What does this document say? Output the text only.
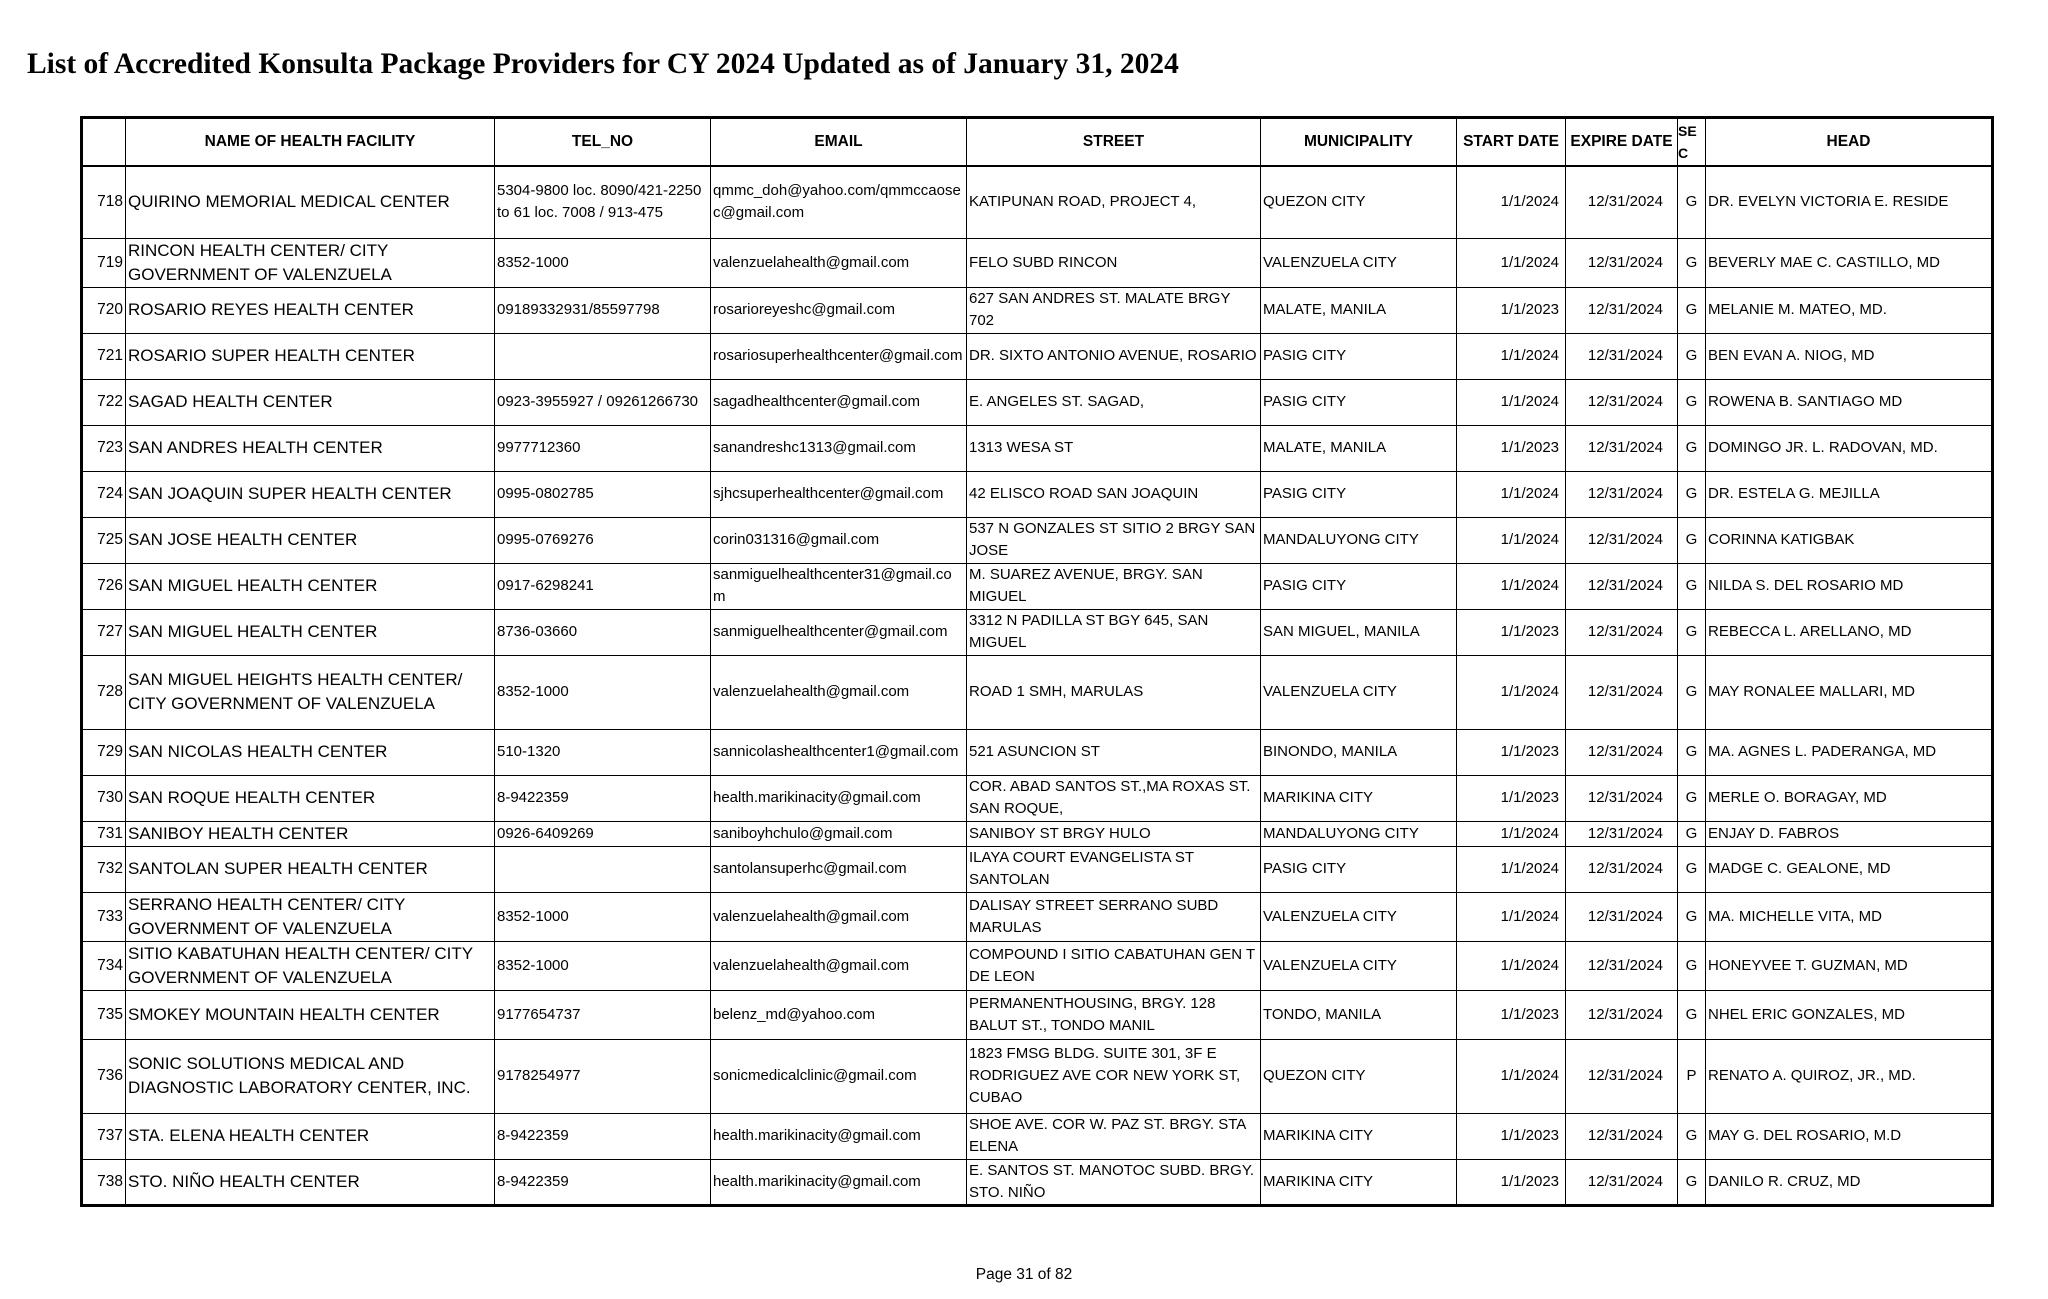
List of Accredited Konsulta Package Providers for CY 2024 Updated as of January 31, 2024
	NAME OF HEALTH FACILITY	TEL_NO	EMAIL	STREET	MUNICIPALITY	START DATE	EXPIRE DATE	SEC	HEAD
718	QUIRINO MEMORIAL MEDICAL CENTER	5304-9800 loc. 8090/421-2250 to 61 loc. 7008 / 913-475	qmmc_doh@yahoo.com/qmmccaosec@gmail.com	KATIPUNAN ROAD, PROJECT 4,	QUEZON CITY	1/1/2024	12/31/2024	G	DR. EVELYN VICTORIA E. RESIDE
719	RINCON HEALTH CENTER/ CITY GOVERNMENT OF VALENZUELA	8352-1000	valenzuelahealth@gmail.com	FELO SUBD RINCON	VALENZUELA CITY	1/1/2024	12/31/2024	G	BEVERLY MAE C. CASTILLO, MD
720	ROSARIO REYES HEALTH CENTER	09189332931/85597798	rosarioreyeshc@gmail.com	627 SAN ANDRES ST. MALATE BRGY 702	MALATE, MANILA	1/1/2023	12/31/2024	G	MELANIE M. MATEO, MD.
721	ROSARIO SUPER HEALTH CENTER		rosariosuperhealthcenter@gmail.com	DR. SIXTO ANTONIO AVENUE, ROSARIO	PASIG CITY	1/1/2024	12/31/2024	G	BEN EVAN A. NIOG, MD
722	SAGAD HEALTH CENTER	0923-3955927 / 09261266730	sagadhealthcenter@gmail.com	E. ANGELES ST. SAGAD,	PASIG CITY	1/1/2024	12/31/2024	G	ROWENA B. SANTIAGO MD
723	SAN ANDRES HEALTH CENTER	9977712360	sanandreshc1313@gmail.com	1313 WESA ST	MALATE, MANILA	1/1/2023	12/31/2024	G	DOMINGO JR. L. RADOVAN, MD.
724	SAN JOAQUIN SUPER HEALTH CENTER	0995-0802785	sjhcsuperhealthcenter@gmail.com	42 ELISCO ROAD SAN JOAQUIN	PASIG CITY	1/1/2024	12/31/2024	G	DR. ESTELA G. MEJILLA
725	SAN JOSE HEALTH CENTER	0995-0769276	corin031316@gmail.com	537 N GONZALES ST SITIO 2 BRGY SAN JOSE	MANDALUYONG CITY	1/1/2024	12/31/2024	G	CORINNA KATIGBAK
726	SAN MIGUEL HEALTH CENTER	0917-6298241	sanmiguelhealthcenter31@gmail.com	M. SUAREZ AVENUE, BRGY. SAN MIGUEL	PASIG CITY	1/1/2024	12/31/2024	G	NILDA S. DEL ROSARIO MD
727	SAN MIGUEL HEALTH CENTER	8736-03660	sanmiguelhealthcenter@gmail.com	3312 N PADILLA ST BGY 645, SAN MIGUEL	SAN MIGUEL, MANILA	1/1/2023	12/31/2024	G	REBECCA L. ARELLANO, MD
728	SAN MIGUEL HEIGHTS HEALTH CENTER/ CITY GOVERNMENT OF VALENZUELA	8352-1000	valenzuelahealth@gmail.com	ROAD 1 SMH, MARULAS	VALENZUELA CITY	1/1/2024	12/31/2024	G	MAY RONALEE MALLARI, MD
729	SAN NICOLAS HEALTH CENTER	510-1320	sannicolashealthcenter1@gmail.com	521 ASUNCION ST	BINONDO, MANILA	1/1/2023	12/31/2024	G	MA. AGNES L. PADERANGA, MD
730	SAN ROQUE HEALTH CENTER	8-9422359	health.marikinacity@gmail.com	COR. ABAD SANTOS ST.,MA ROXAS ST. SAN ROQUE,	MARIKINA CITY	1/1/2023	12/31/2024	G	MERLE O. BORAGAY, MD
731	SANIBOY HEALTH CENTER	0926-6409269	saniboyhchulo@gmail.com	SANIBOY ST BRGY HULO	MANDALUYONG CITY	1/1/2024	12/31/2024	G	ENJAY D. FABROS
732	SANTOLAN SUPER HEALTH CENTER		santolansuperhc@gmail.com	ILAYA COURT EVANGELISTA ST SANTOLAN	PASIG CITY	1/1/2024	12/31/2024	G	MADGE C. GEALONE, MD
733	SERRANO HEALTH CENTER/ CITY GOVERNMENT OF VALENZUELA	8352-1000	valenzuelahealth@gmail.com	DALISAY STREET SERRANO SUBD MARULAS	VALENZUELA CITY	1/1/2024	12/31/2024	G	MA. MICHELLE VITA, MD
734	SITIO KABATUHAN HEALTH CENTER/ CITY GOVERNMENT OF VALENZUELA	8352-1000	valenzuelahealth@gmail.com	COMPOUND I SITIO CABATUHAN GEN T DE LEON	VALENZUELA CITY	1/1/2024	12/31/2024	G	HONEYVEE T. GUZMAN, MD
735	SMOKEY MOUNTAIN HEALTH CENTER	9177654737	belenz_md@yahoo.com	PERMANENTHOUSING, BRGY. 128 BALUT ST., TONDO MANIL	TONDO, MANILA	1/1/2023	12/31/2024	G	NHEL ERIC GONZALES, MD
736	SONIC SOLUTIONS MEDICAL AND DIAGNOSTIC LABORATORY CENTER, INC.	9178254977	sonicmedicalclinic@gmail.com	1823 FMSG BLDG. SUITE 301, 3F E RODRIGUEZ AVE COR NEW YORK ST, CUBAO	QUEZON CITY	1/1/2024	12/31/2024	P	RENATO A. QUIROZ, JR., MD.
737	STA. ELENA HEALTH CENTER	8-9422359	health.marikinacity@gmail.com	SHOE AVE. COR W. PAZ ST. BRGY. STA ELENA	MARIKINA CITY	1/1/2023	12/31/2024	G	MAY G. DEL ROSARIO, M.D
738	STO. NIÑO HEALTH CENTER	8-9422359	health.marikinacity@gmail.com	E. SANTOS ST. MANOTOC SUBD. BRGY. STO. NIÑO	MARIKINA CITY	1/1/2023	12/31/2024	G	DANILO R. CRUZ, MD
Page 31 of 82
